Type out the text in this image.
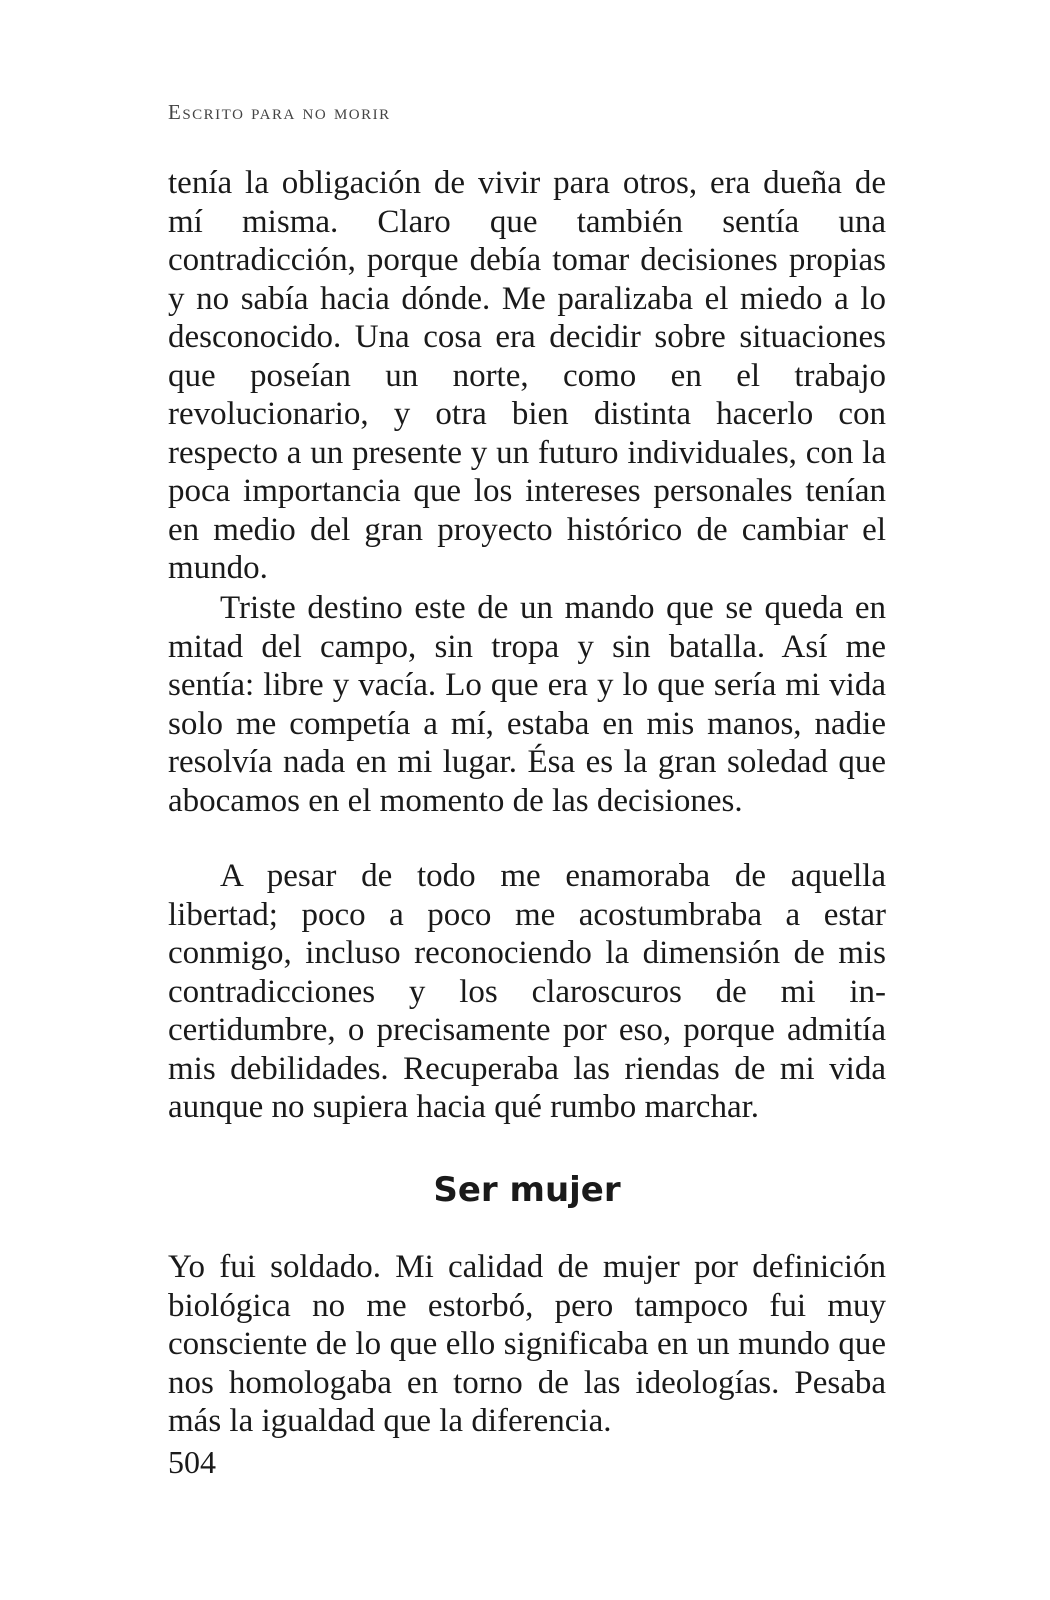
Escrito para no morir

tenía la obligación de vivir para otros, era dueña de mí misma. Claro que también sentía una contradicción, porque debía tomar decisiones propias y no sabía hacia dónde. Me paralizaba el miedo a lo desconocido. Una cosa era decidir sobre situaciones que poseían un norte, como en el trabajo revolucionario, y otra bien distinta hacerlo con respecto a un presente y un futuro individuales, con la poca importancia que los intereses personales tenían en medio del gran proyecto histórico de cambiar el mundo.

Triste destino este de un mando que se queda en mitad del campo, sin tropa y sin batalla. Así me sentía: libre y vacía. Lo que era y lo que sería mi vida solo me competía a mí, estaba en mis manos, nadie resolvía nada en mi lugar. Ésa es la gran soledad que abocamos en el momento de las decisiones.

A pesar de todo me enamoraba de aquella libertad; poco a poco me acostumbraba a estar conmigo, incluso reconociendo la dimensión de mis contradicciones y los claroscuros de mi incertidumbre, o precisamente por eso, porque admitía mis debilidades. Recuperaba las riendas de mi vida aunque no supiera hacia qué rumbo marchar.

Ser mujer

Yo fui soldado. Mi calidad de mujer por definición biológica no me estorbó, pero tampoco fui muy consciente de lo que ello significaba en un mundo que nos homologaba en torno de las ideologías. Pesaba más la igualdad que la diferencia.

504
